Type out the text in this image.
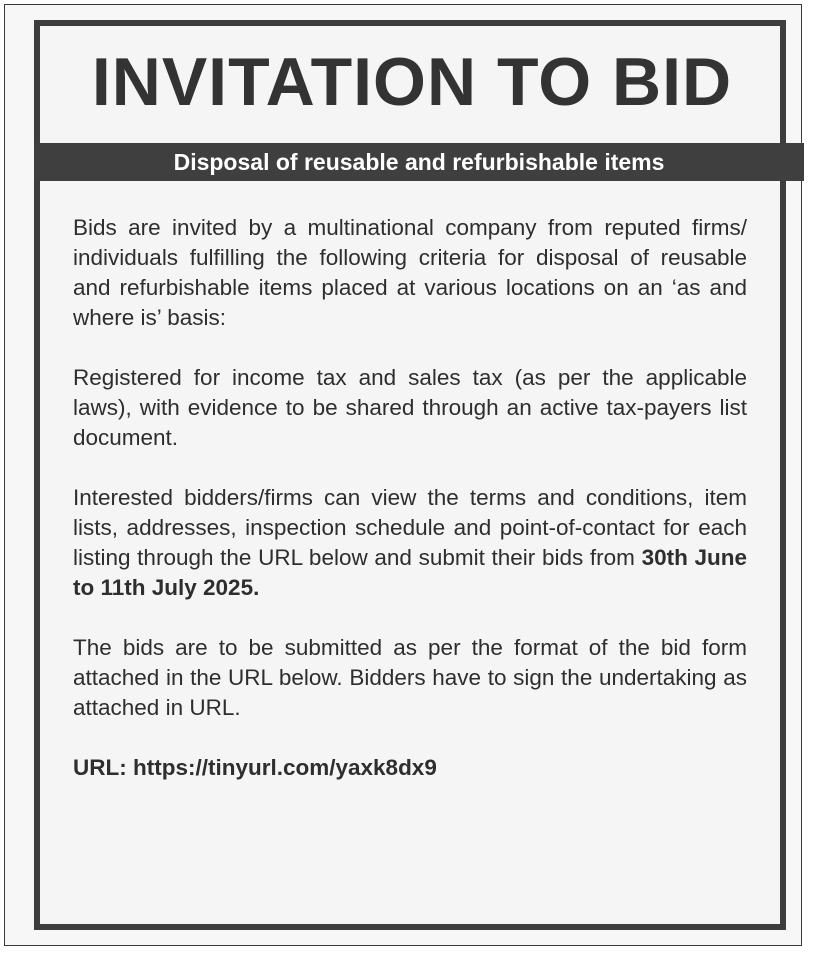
INVITATION TO BID
Disposal of reusable and refurbishable items

Bids are invited by a multinational company from reputed firms/ individuals fulfilling the following criteria for disposal of reusable and refurbishable items placed at various locations on an ‘as and where is’ basis:

Registered for income tax and sales tax (as per the applicable laws), with evidence to be shared through an active tax-payers list document.

Interested bidders/firms can view the terms and conditions, item lists, addresses, inspection schedule and point-of-contact for each listing through the URL below and submit their bids from 30th June to 11th July 2025.

The bids are to be submitted as per the format of the bid form attached in the URL below. Bidders have to sign the undertaking as attached in URL.

URL: https://tinyurl.com/yaxk8dx9
